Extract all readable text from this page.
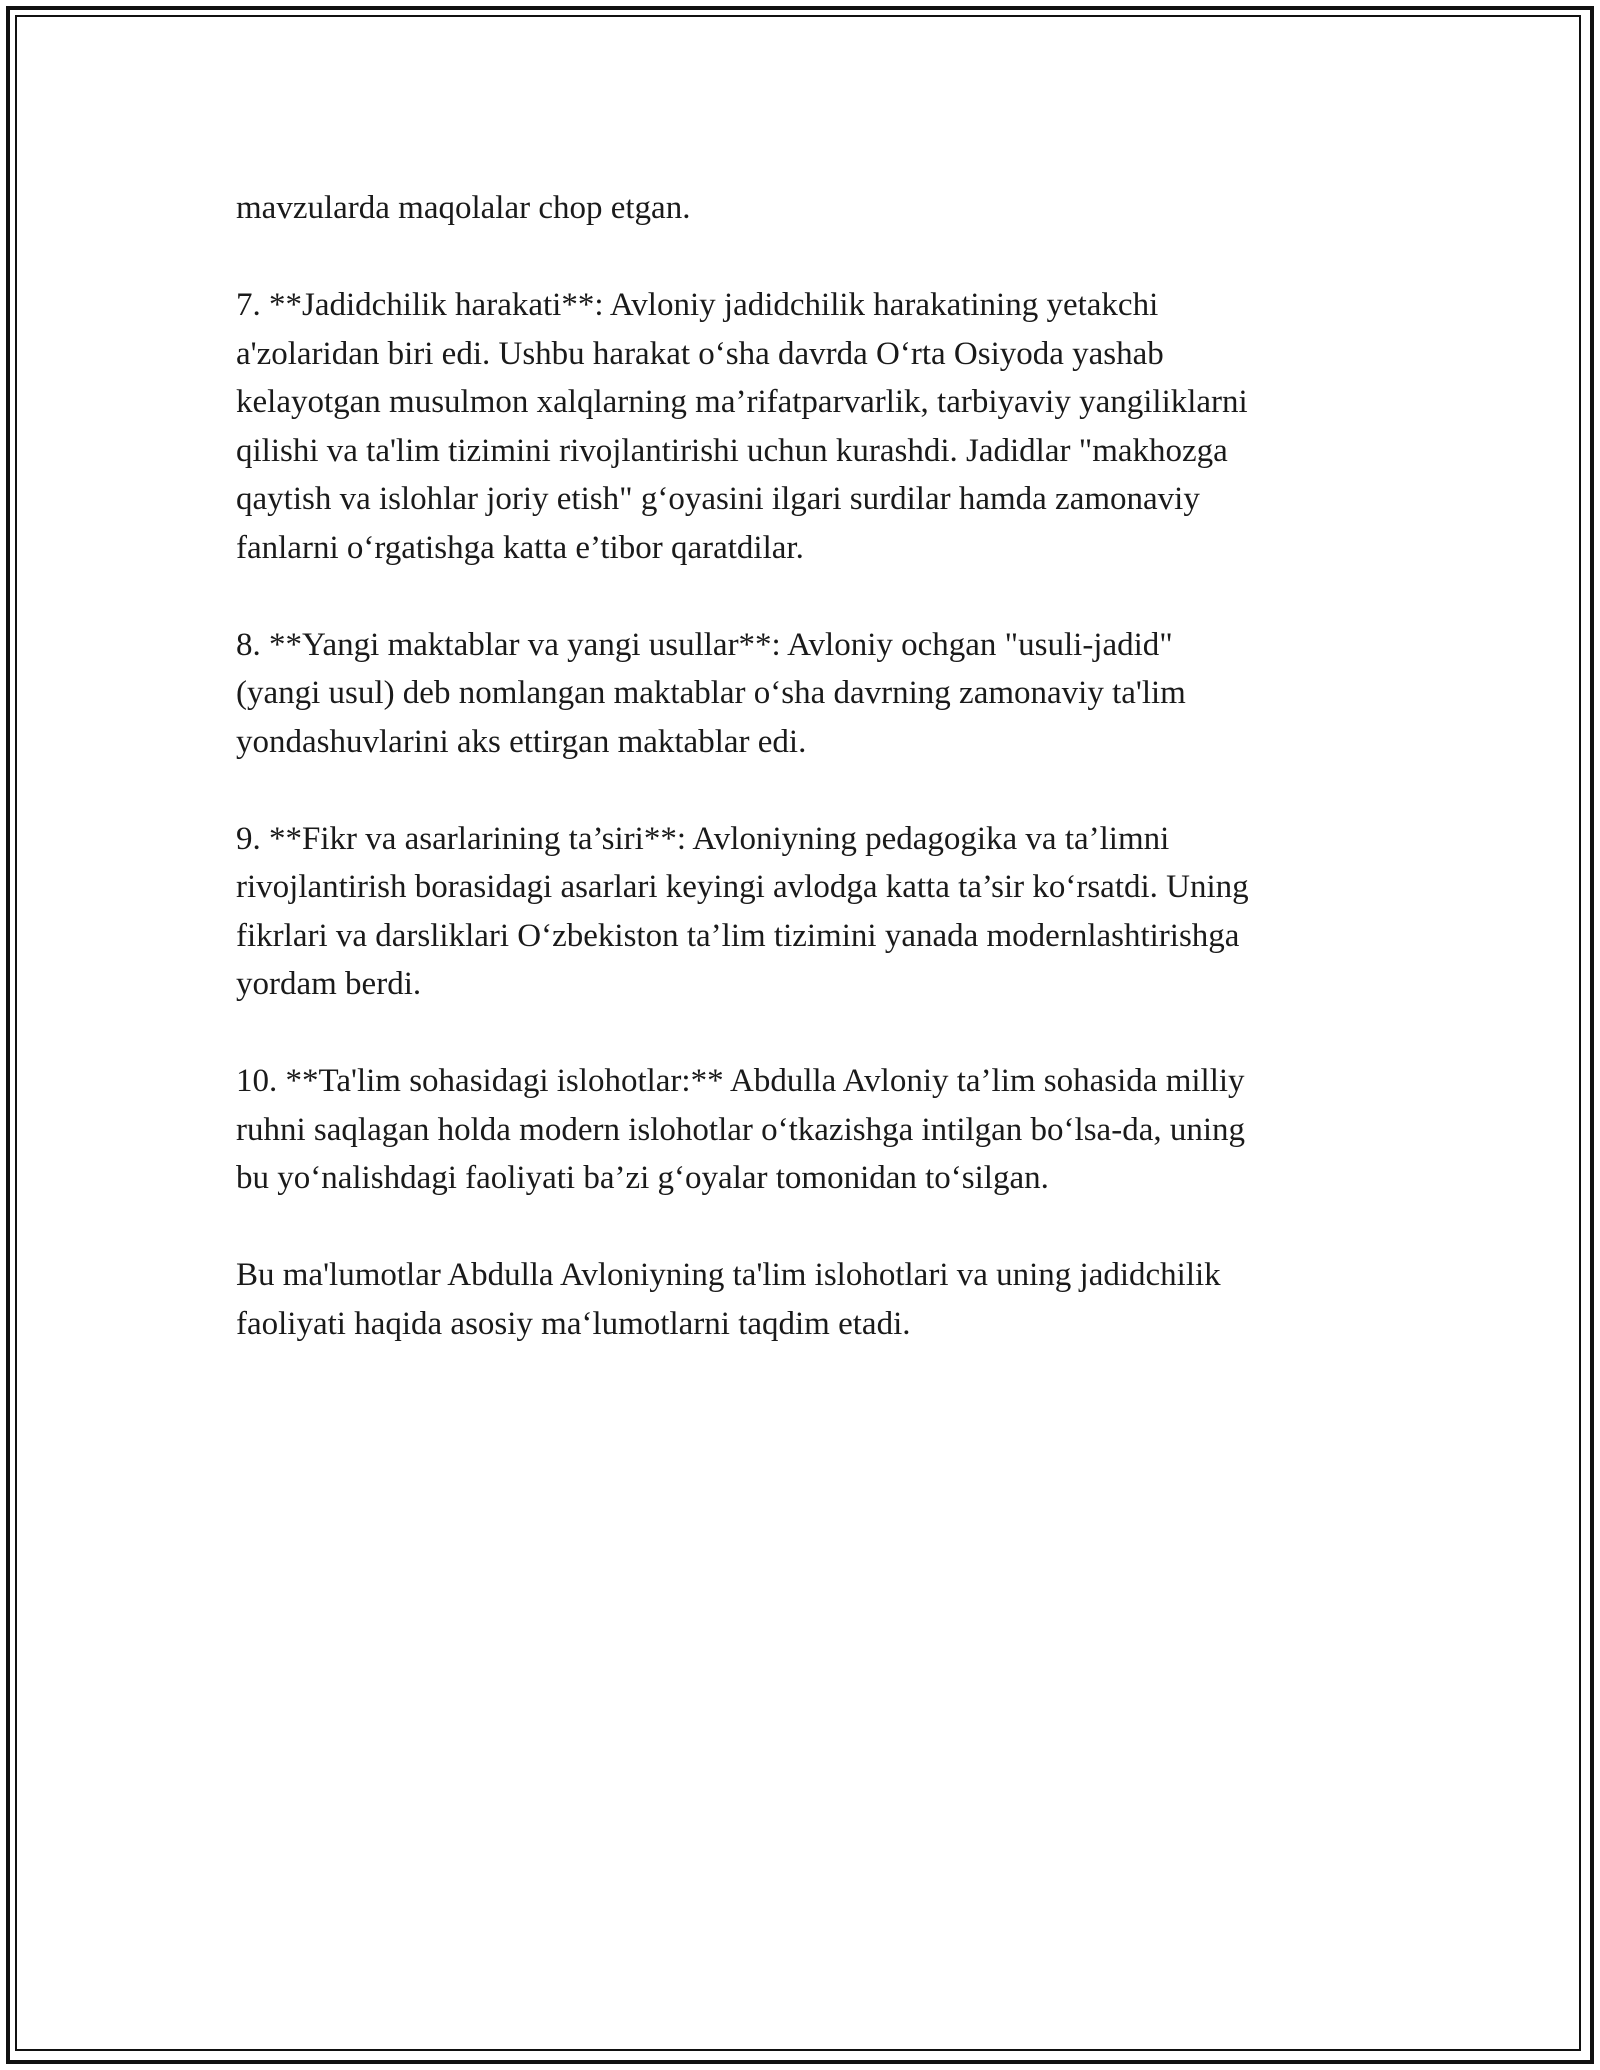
mavzularda maqolalar chop etgan.

7. **Jadidchilik harakati**: Avloniy jadidchilik harakatining yetakchi
a'zolaridan biri edi. Ushbu harakat o‘sha davrda O‘rta Osiyoda yashab
kelayotgan musulmon xalqlarning ma’rifatparvarlik, tarbiyaviy yangiliklarni
qilishi va ta'lim tizimini rivojlantirishi uchun kurashdi. Jadidlar "makhozga
qaytish va islohlar joriy etish" g‘oyasini ilgari surdilar hamda zamonaviy
fanlarni o‘rgatishga katta e’tibor qaratdilar.

8. **Yangi maktablar va yangi usullar**: Avloniy ochgan "usuli-jadid"
(yangi usul) deb nomlangan maktablar o‘sha davrning zamonaviy ta'lim
yondashuvlarini aks ettirgan maktablar edi.

9. **Fikr va asarlarining ta’siri**: Avloniyning pedagogika va ta’limni
rivojlantirish borasidagi asarlari keyingi avlodga katta ta’sir ko‘rsatdi. Uning
fikrlari va darsliklari O‘zbekiston ta’lim tizimini yanada modernlashtirishga
yordam berdi.

10. **Ta'lim sohasidagi islohotlar:** Abdulla Avloniy ta’lim sohasida milliy
ruhni saqlagan holda modern islohotlar o‘tkazishga intilgan bo‘lsa-da, uning
bu yo‘nalishdagi faoliyati ba’zi g‘oyalar tomonidan to‘silgan.

Bu ma'lumotlar Abdulla Avloniyning ta'lim islohotlari va uning jadidchilik
faoliyati haqida asosiy ma‘lumotlarni taqdim etadi.
